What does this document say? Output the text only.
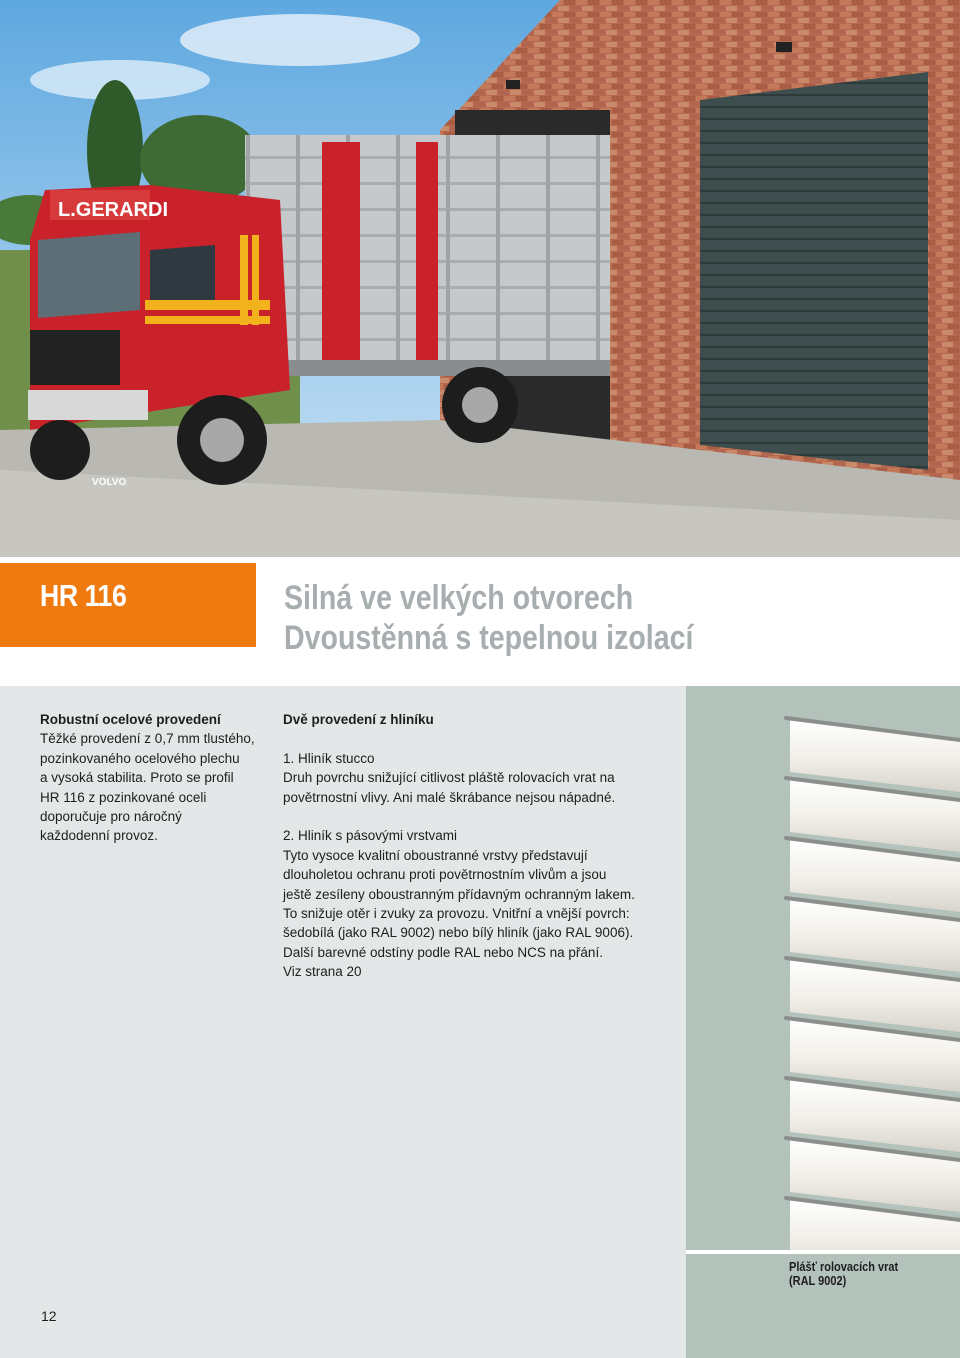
L.GERARDI
VOLVO
HR 116	Silná ve velkých otvorech
Dvoustěnná s tepelnou izolací

Robustní ocelové provedení

Těžké provedení z 0,7 mm tlustého,

pozinkovaného ocelového plechu

a vysoká stabilita. Proto se profil

HR 116 z pozinkované oceli

doporučuje pro náročný

každodenní provoz.

Dvě provedení z hliníku

1. Hliník stucco

Druh povrchu snižující citlivost pláště rolovacích vrat na

povětrnostní vlivy. Ani malé škrábance nejsou nápadné.

2. Hliník s pásovými vrstvami

Tyto vysoce kvalitní oboustranné vrstvy představují

dlouholetou ochranu proti povětrnostním vlivům a jsou

ještě zesíleny oboustranným přídavným ochranným lakem.

To snižuje otěr i zvuky za provozu. Vnitřní a vnější povrch:

šedobílá (jako RAL 9002) nebo bílý hliník (jako RAL 9006).

Další barevné odstíny podle RAL nebo NCS na přání.

Viz strana 20

Plášť rolovacích vrat
(RAL 9002)
12
